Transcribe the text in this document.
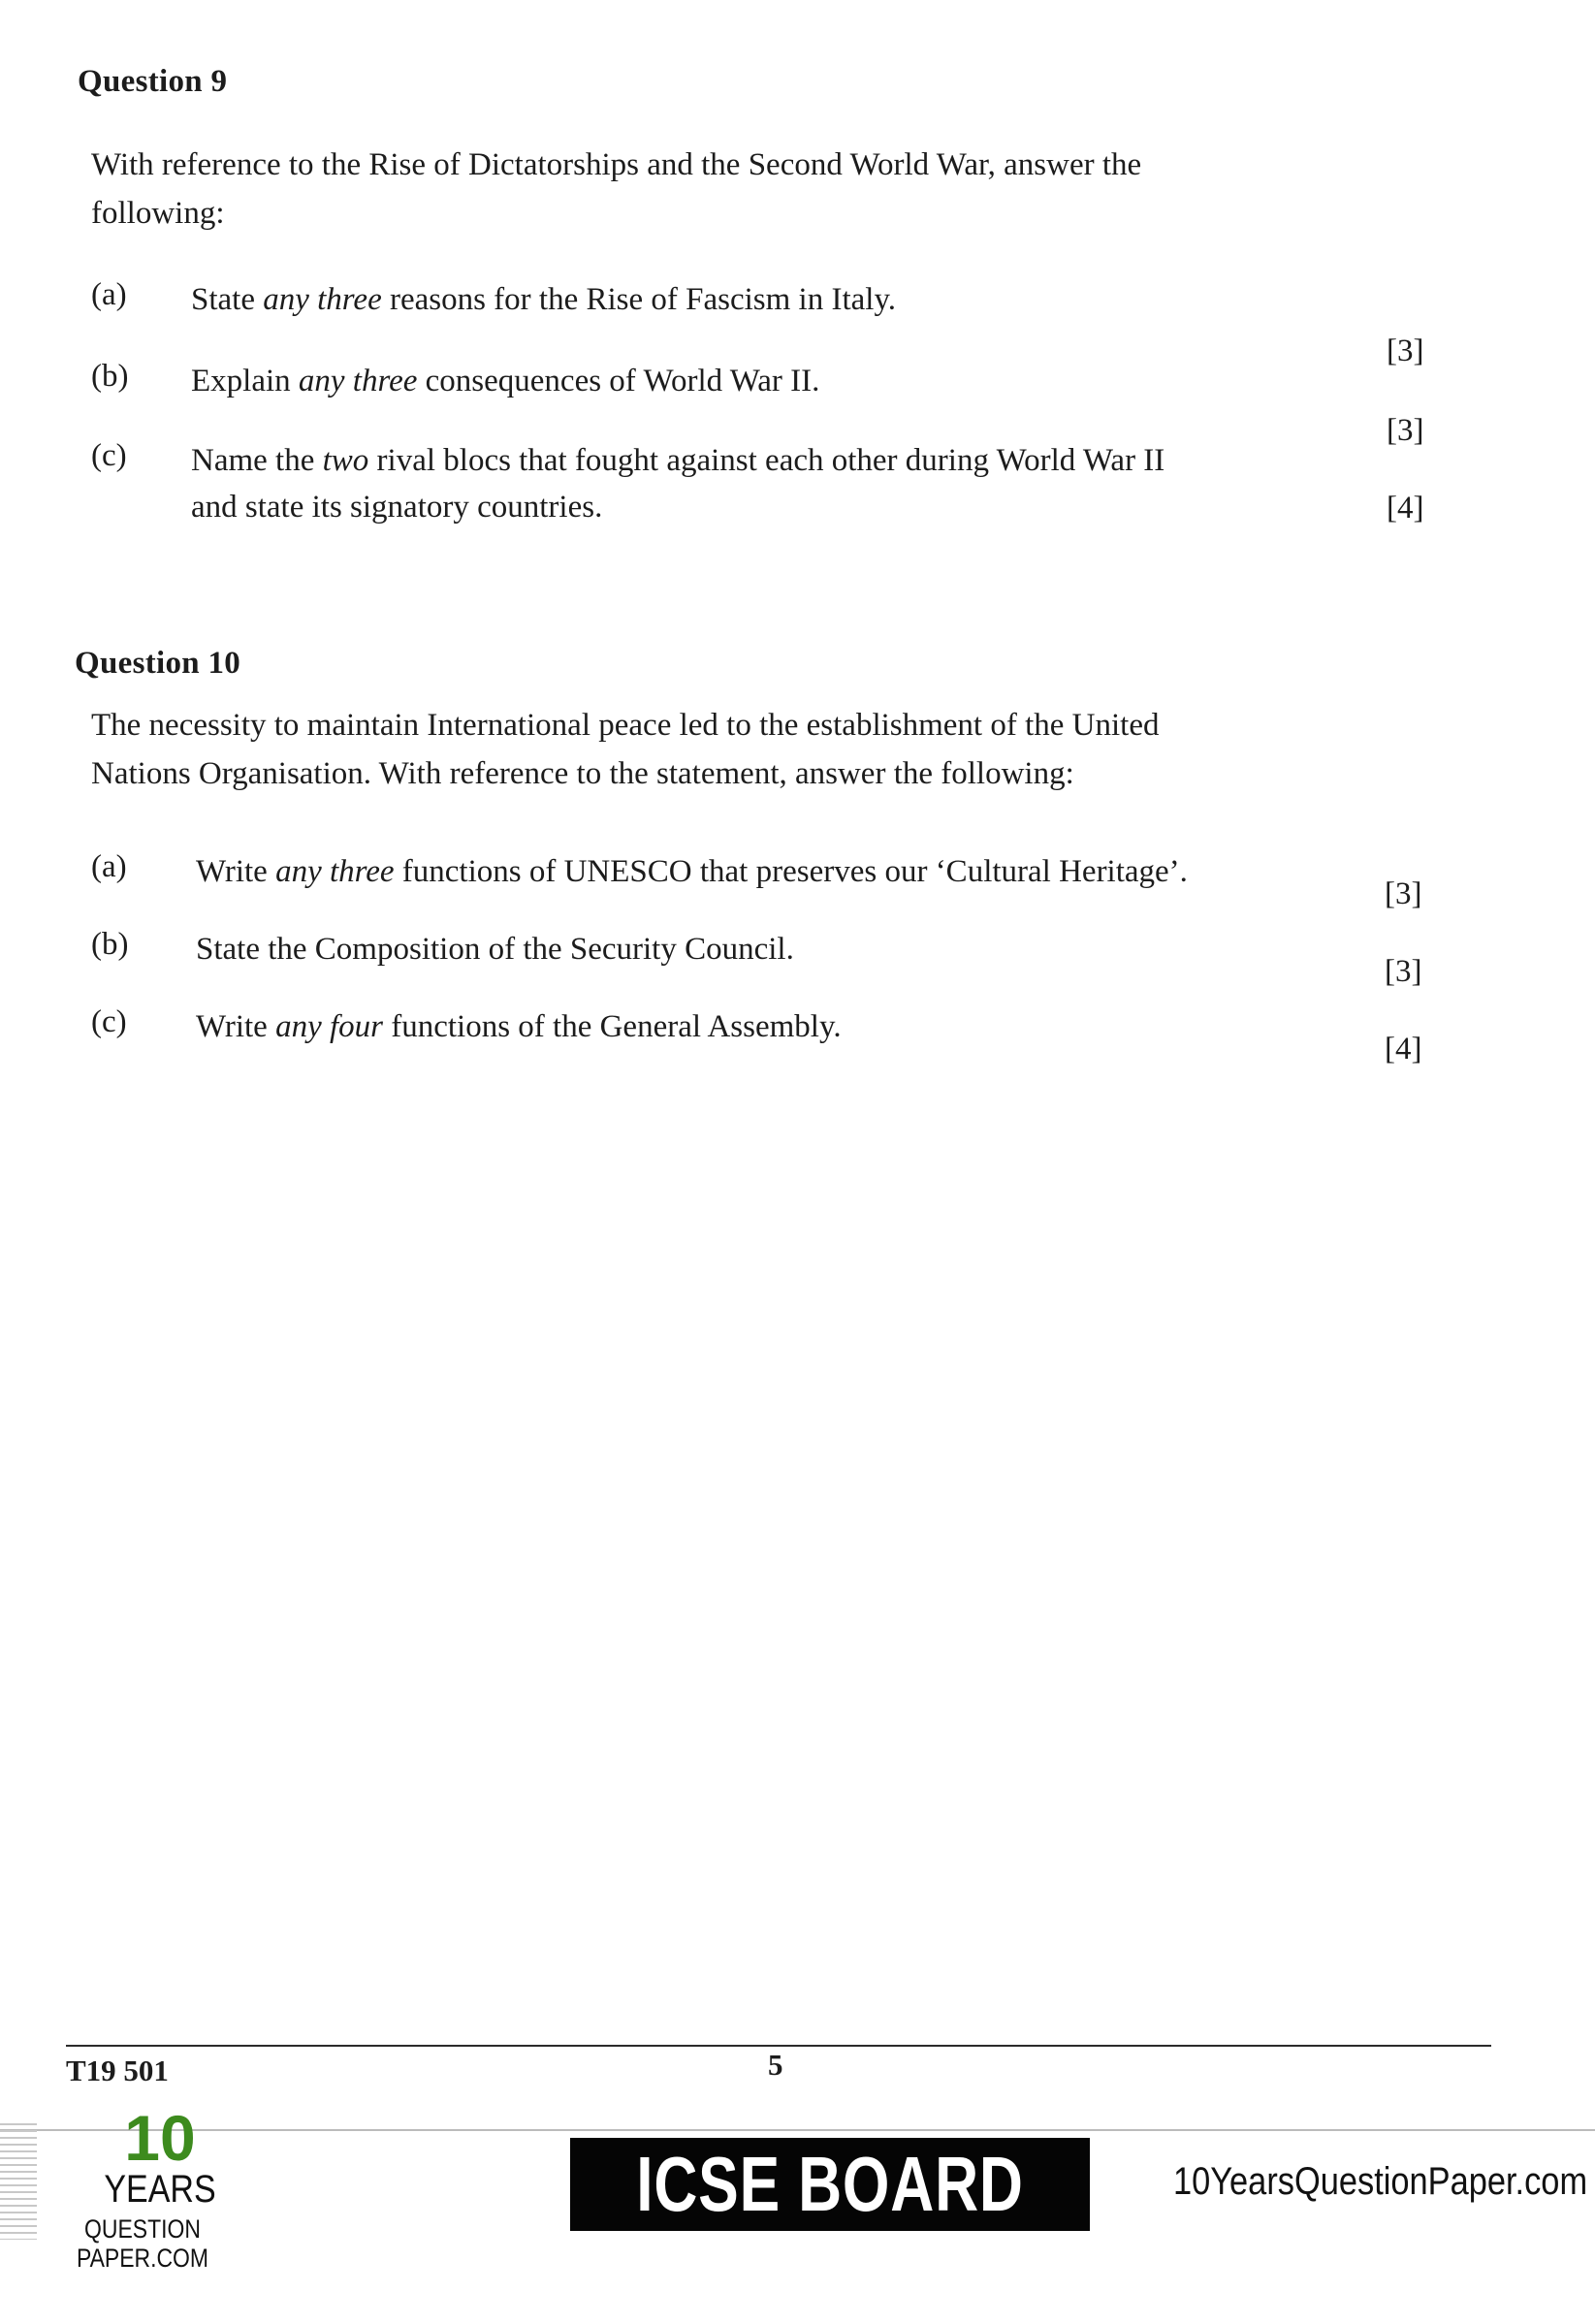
Question 9
With reference to the Rise of Dictatorships and the Second World War, answer the
following:
(a) State any three reasons for the Rise of Fascism in Italy.
[3]
(b) Explain any three consequences of World War II.
[3]
(c) Name the two rival blocs that fought against each other during World War II
and state its signatory countries.	[4]
Question 10
The necessity to maintain International peace led to the establishment of the United
Nations Organisation. With reference to the statement, answer the following:
(a) Write any three functions of UNESCO that preserves our ‘Cultural Heritage’.
[3]
(b) State the Composition of the Security Council.
[3]
(c) Write any four functions of the General Assembly.
[4]
T19 501	5
10
YEARS
QUESTION PAPER.COM
ICSE BOARD X
10YearsQuestionPaper.com
